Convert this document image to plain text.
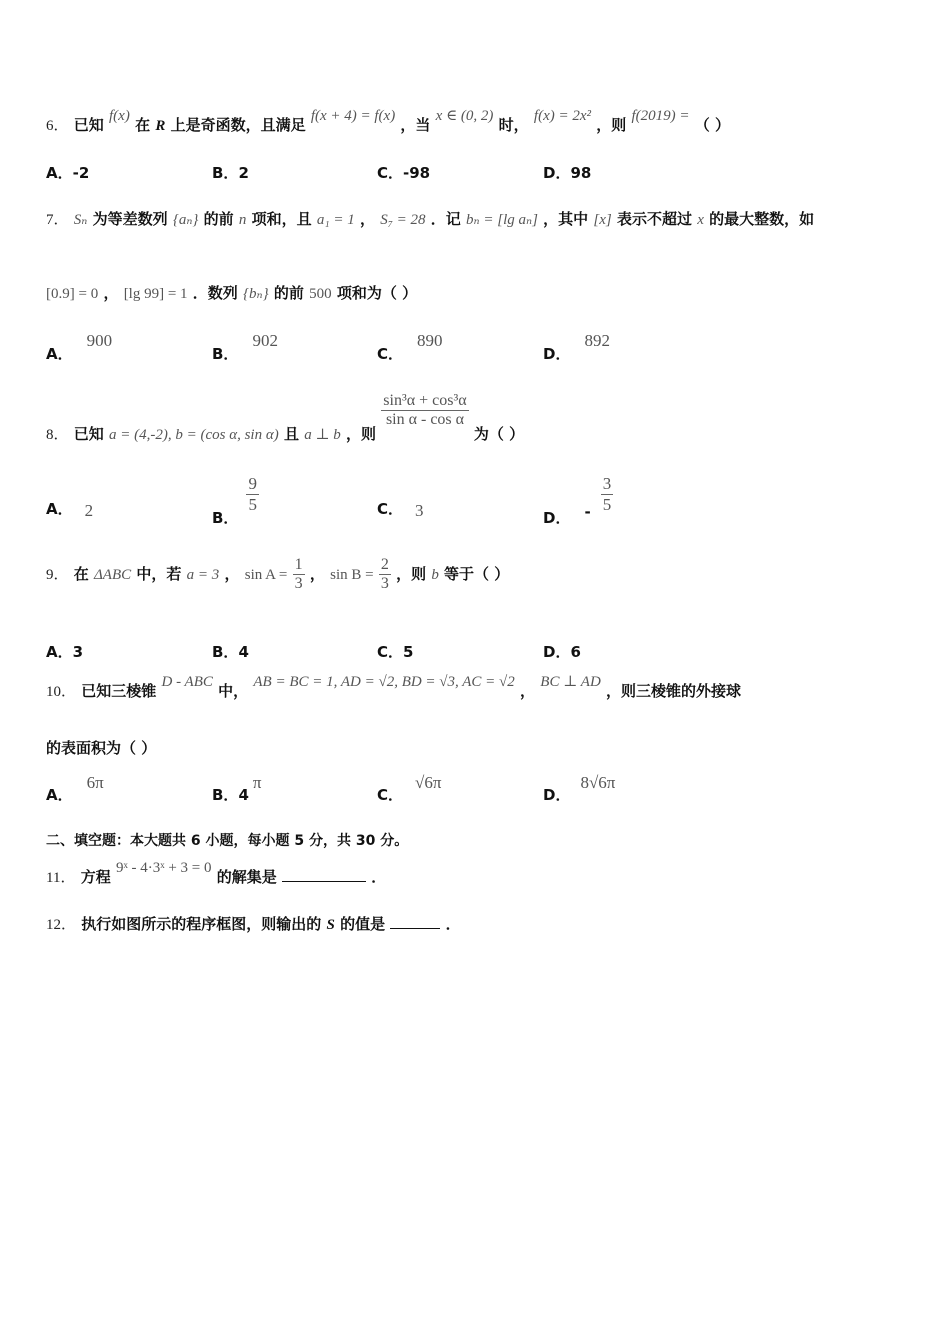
6． 已知 f(x) 在 R 上是奇函数，且满足 f(x + 4) = f(x) ，当 x ∈ (0, 2) 时， f(x) = 2x² ，则 f(2019) = （ ）
A．-2	B．2	C．-98	D．98
7． Sₙ 为等差数列 {aₙ} 的前 n 项和，且 a₁ = 1 ， S₇ = 28 ．记 bₙ = [lg aₙ] ，其中 [x] 表示不超过 x 的最大整数，如
[0.9] = 0 ， [lg 99] = 1 ．数列 {bₙ} 的前 500 项和为（ ）
A．900
B．902
C．890
D．892
8． 已知 a = (4,-2), b = (cos α, sin α) 且 a ⊥ b ，则
$\frac{\text{sin³α + cos³α}}{\text{sin α - cos α}}$
为（ ）
A． 2	B．
$\frac{9}{5}$	C． 3	D． - $\frac{3}{5}$
9． 在 ΔABC 中，若 a = 3 ， $\sin A = \frac{1}{3}$ ， $\sin B = \frac{2}{3}$ ，则 b 等于（ ）
A．3	B．4	C．5	D．6
10． 已知三棱锥 D - ABC 中， AB = BC = 1, AD = √2, BD = √3, AC = √2 ， BC ⊥ AD ，则三棱锥的外接球
的表面积为（ ）
A．6π
B．4π
C．√6π
D．8√6π
二、填空题：本大题共 6 小题，每小题 5 分，共 30 分。
11． 方程 9ˣ - 4·3ˣ + 3 = 0 的解集是	．
12． 执行如图所示的程序框图，则输出的 S 的值是	．
